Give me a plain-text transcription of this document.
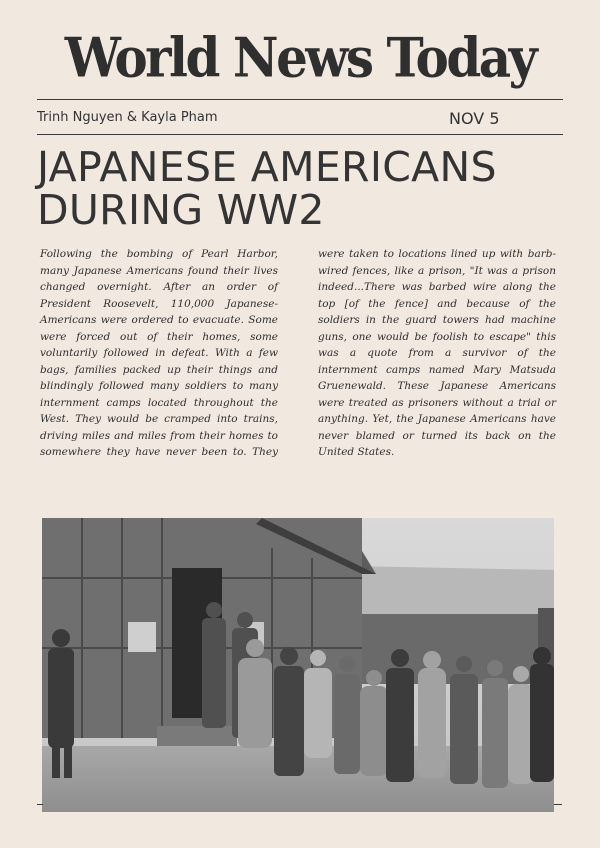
World News Today
Trinh Nguyen & Kayla Pham	NOV 5
JAPANESE AMERICANS
DURING WW2
Following the bombing of Pearl Harbor, many Japanese Americans found their lives changed overnight. After an order of President Roosevelt, 110,000 Japanese-Americans were ordered to evacuate. Some were forced out of their homes, some voluntarily followed in defeat. With a few bags, families packed up their things and blindingly followed many soldiers to many internment camps located throughout the West. They would be cramped into trains, driving miles and miles from their homes to somewhere they have never been to. They were taken to locations lined up with barb-wired fences, like a prison, "It was a prison indeed...There was barbed wire along the top [of the fence] and because of the soldiers in the guard towers had machine guns, one would be foolish to escape" this was a quote from a survivor of the internment camps named Mary Matsuda Gruenewald. These Japanese Americans were treated as prisoners without a trial or anything. Yet, the Japanese Americans have never blamed or turned its back on the United States.
